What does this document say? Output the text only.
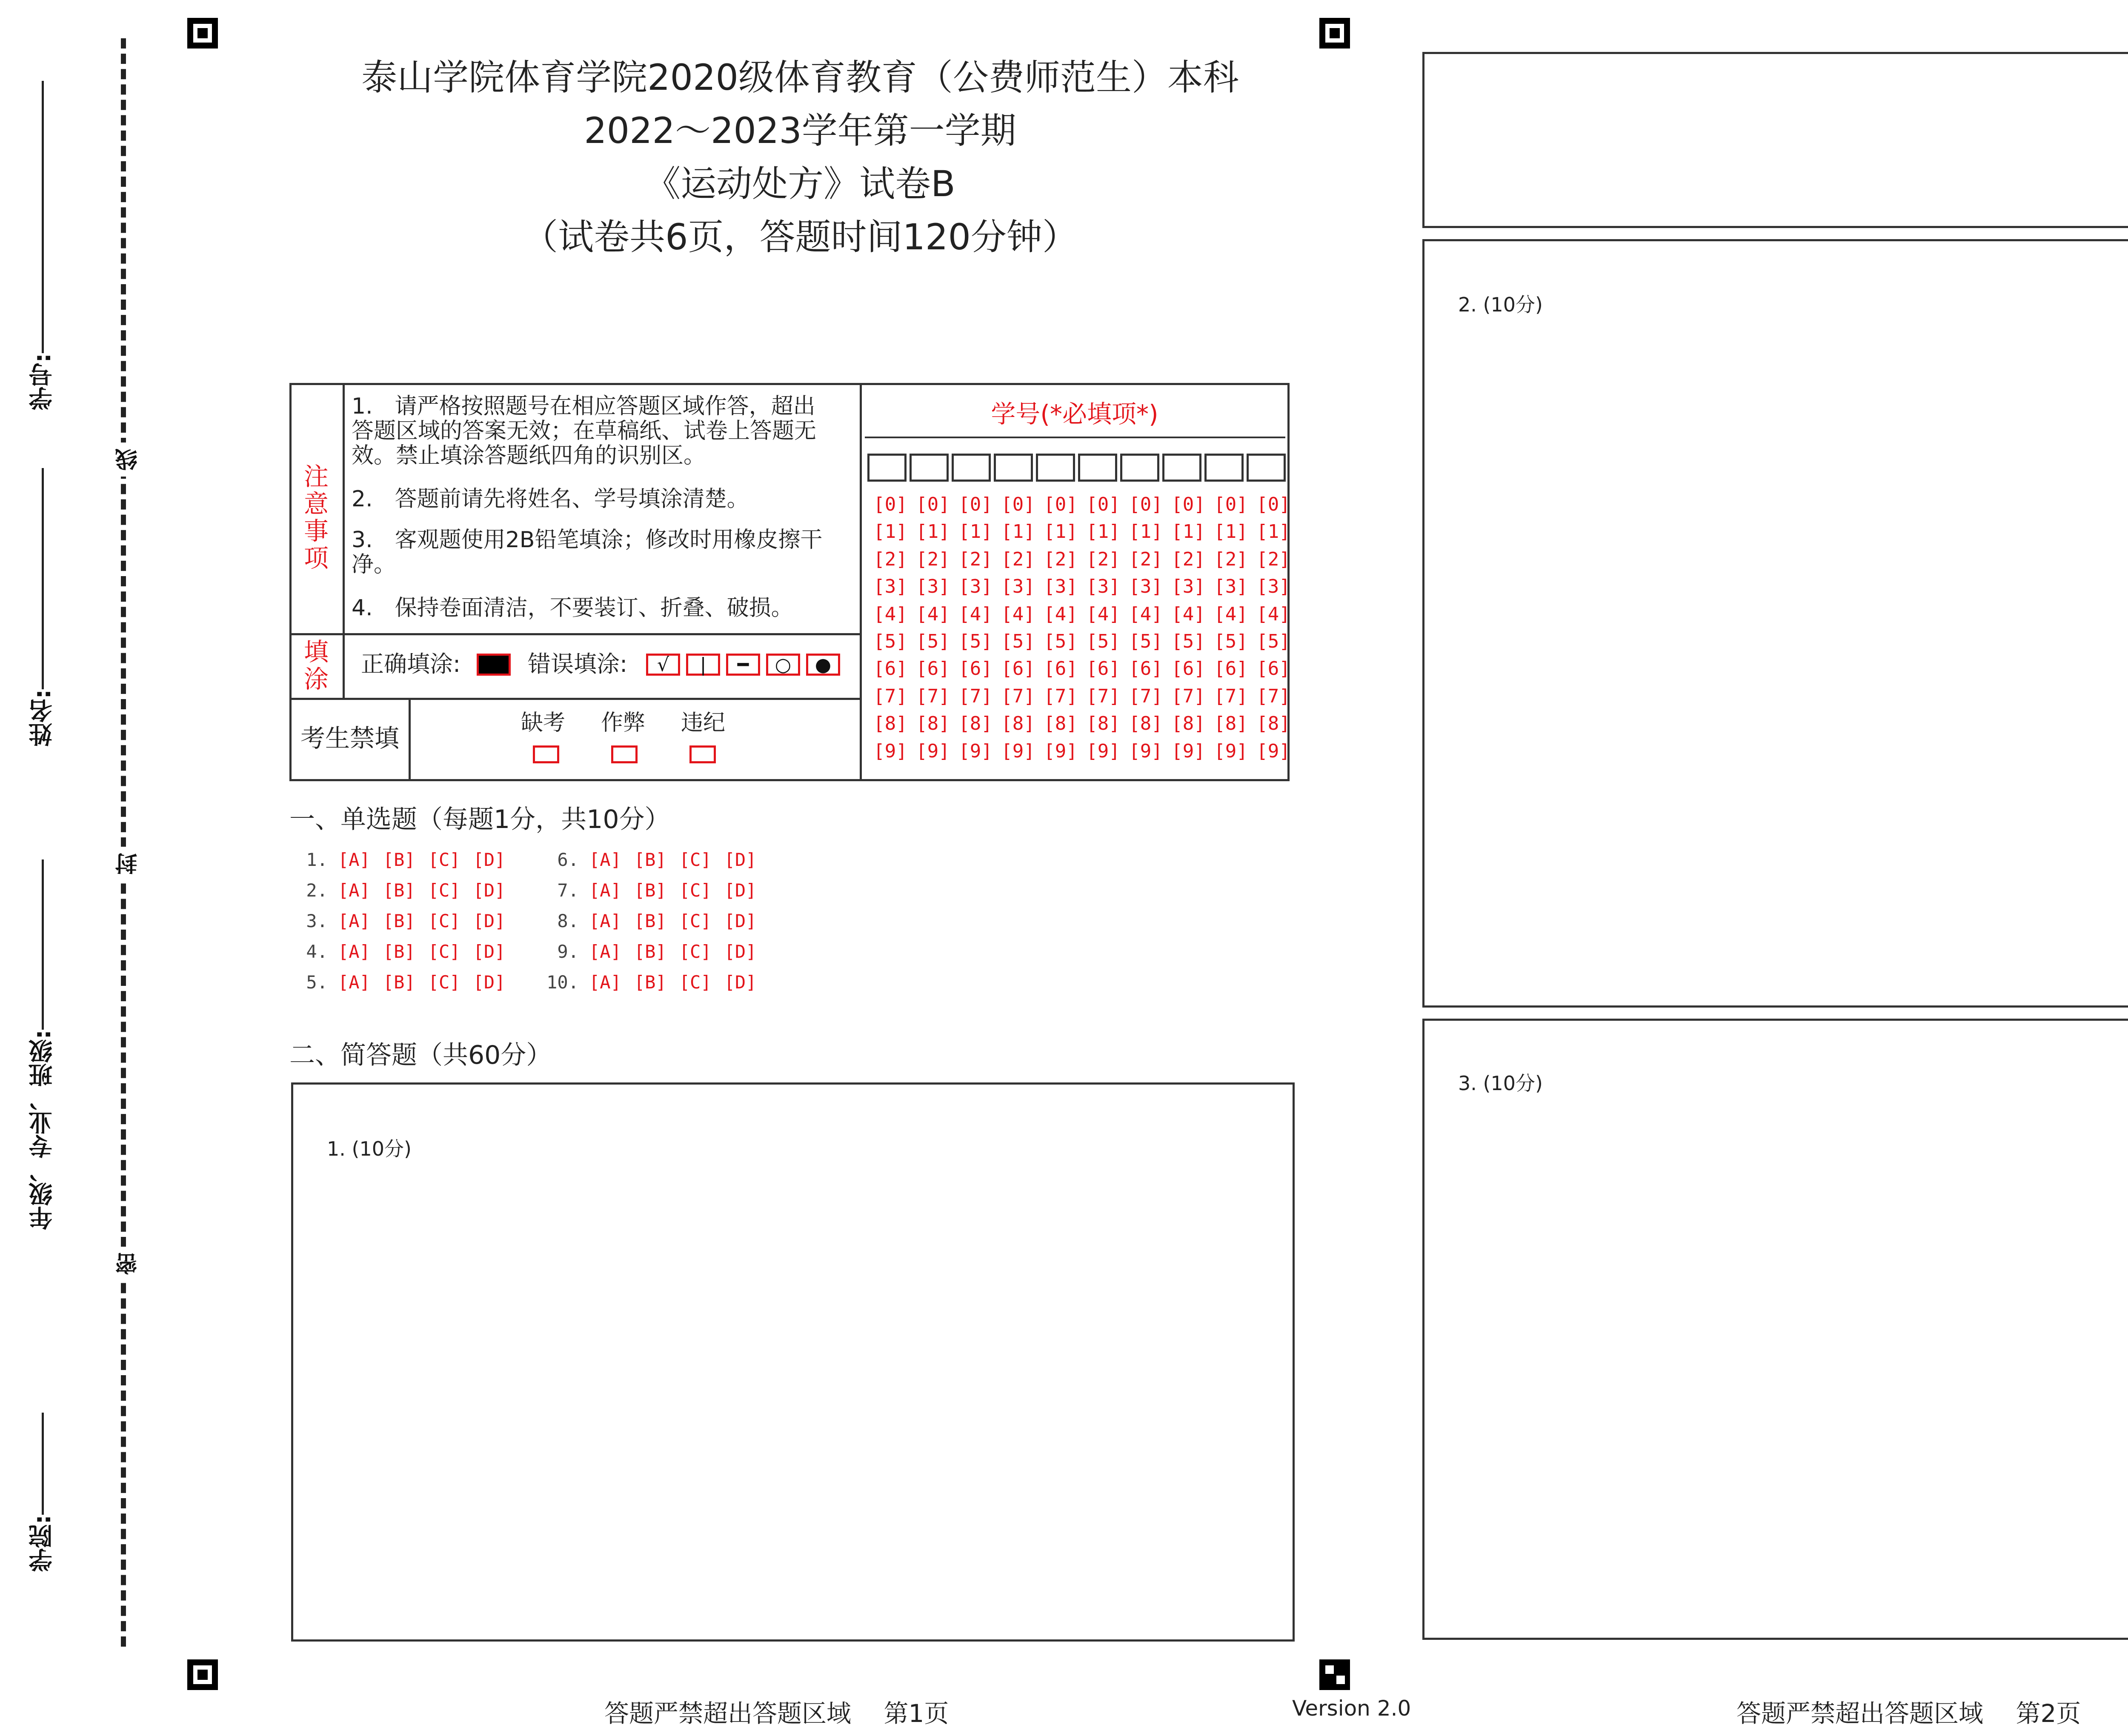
学号:
姓名:
年级、专业、班级:
学院:
线
封
密
泰山学院体育学院2020级体育教育（公费师范生）本科
2022～2023学年第一学期
《运动处方》试卷B
（试卷共6页，答题时间120分钟）
注
意
事
项
1.　请严格按照题号在相应答题区域作答，超出答题区域的答案无效；在草稿纸、试卷上答题无效。禁止填涂答题纸四角的识别区。
2.　答题前请先将姓名、学号填涂清楚。
3.　客观题使用2B铅笔填涂；修改时用橡皮擦干净。
4.　保持卷面清洁，不要装订、折叠、破损。
填
涂
正确填涂:	错误填涂:	√	|	━	○	●
考生禁填
缺考 作弊 违纪
学号(*必填项*)
[0] [0] [0] [0] [0] [0] [0] [0] [0] [0]
[1] [1] [1] [1] [1] [1] [1] [1] [1] [1]
[2] [2] [2] [2] [2] [2] [2] [2] [2] [2]
[3] [3] [3] [3] [3] [3] [3] [3] [3] [3]
[4] [4] [4] [4] [4] [4] [4] [4] [4] [4]
[5] [5] [5] [5] [5] [5] [5] [5] [5] [5]
[6] [6] [6] [6] [6] [6] [6] [6] [6] [6]
[7] [7] [7] [7] [7] [7] [7] [7] [7] [7]
[8] [8] [8] [8] [8] [8] [8] [8] [8] [8]
[9] [9] [9] [9] [9] [9] [9] [9] [9] [9]
一、单选题（每题1分，共10分）
1. [A] [B] [C] [D]
2. [A] [B] [C] [D]
3. [A] [B] [C] [D]
4. [A] [B] [C] [D]
5. [A] [B] [C] [D]
6. [A] [B] [C] [D]
7. [A] [B] [C] [D]
8. [A] [B] [C] [D]
9. [A] [B] [C] [D]
10. [A] [B] [C] [D]
二、简答题（共60分）
1. (10分)
2. (10分)
3. (10分)
答题严禁超出答题区域　 第1页	Version 2.0	答题严禁超出答题区域　 第2页
